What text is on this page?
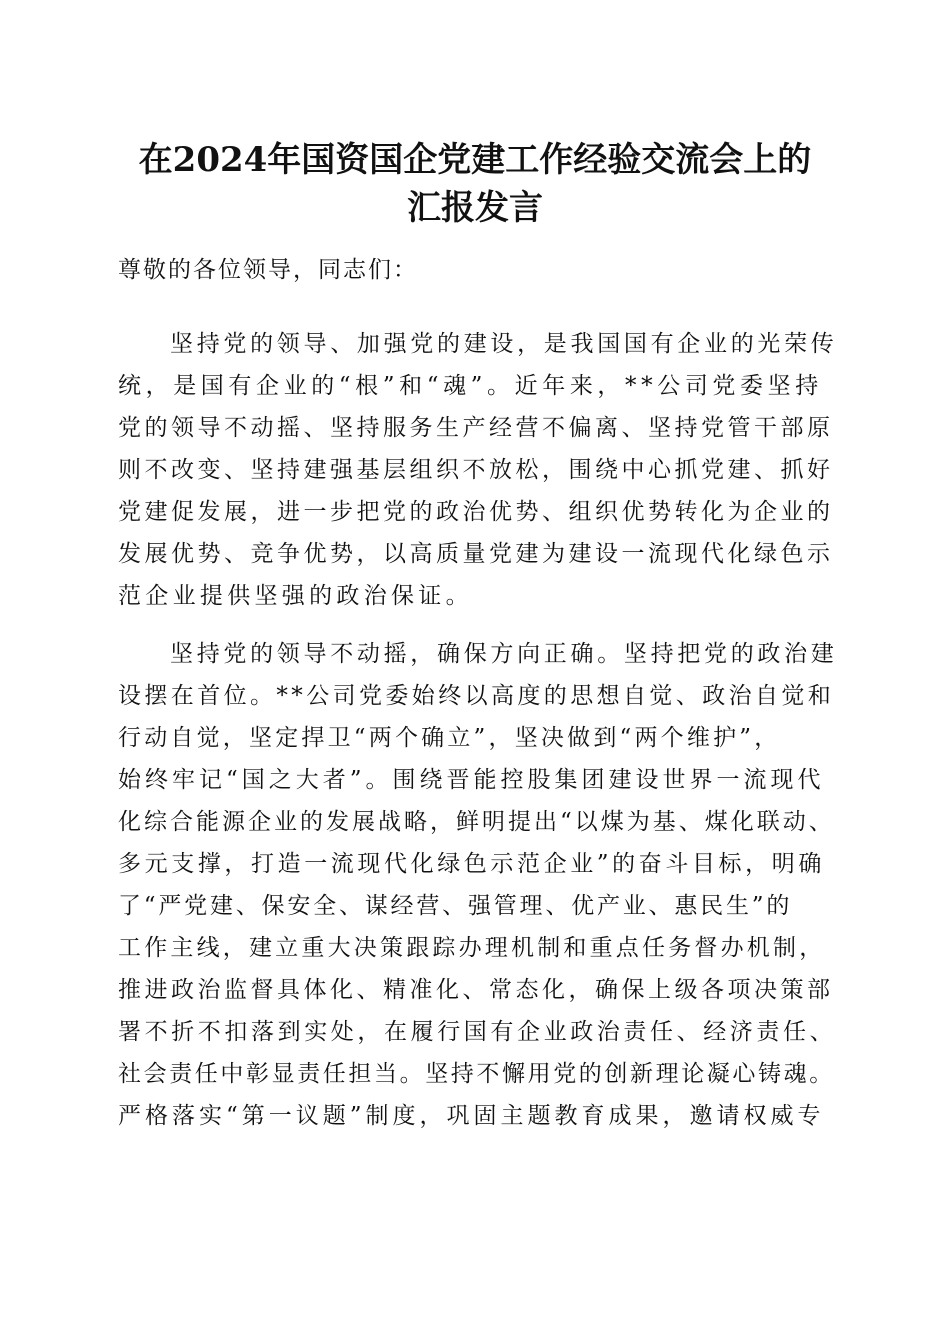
在2024年国资国企党建工作经验交流会上的
汇报发言
尊敬的各位领导，同志们：
坚持党的领导、加强党的建设，是我国国有企业的光荣传
统，是国有企业的“根”和“魂”。近年来，**公司党委坚持
党的领导不动摇、坚持服务生产经营不偏离、坚持党管干部原
则不改变、坚持建强基层组织不放松，围绕中心抓党建、抓好
党建促发展，进一步把党的政治优势、组织优势转化为企业的
发展优势、竞争优势，以高质量党建为建设一流现代化绿色示
范企业提供坚强的政治保证。
坚持党的领导不动摇，确保方向正确。坚持把党的政治建
设摆在首位。**公司党委始终以高度的思想自觉、政治自觉和
行动自觉，坚定捍卫“两个确立”，坚决做到“两个维护”，
始终牢记“国之大者”。围绕晋能控股集团建设世界一流现代
化综合能源企业的发展战略，鲜明提出“以煤为基、煤化联动、
多元支撑，打造一流现代化绿色示范企业”的奋斗目标，明确
了“严党建、保安全、谋经营、强管理、优产业、惠民生”的
工作主线，建立重大决策跟踪办理机制和重点任务督办机制，
推进政治监督具体化、精准化、常态化，确保上级各项决策部
署不折不扣落到实处，在履行国有企业政治责任、经济责任、
社会责任中彰显责任担当。坚持不懈用党的创新理论凝心铸魂。
严格落实“第一议题”制度，巩固主题教育成果，邀请权威专
